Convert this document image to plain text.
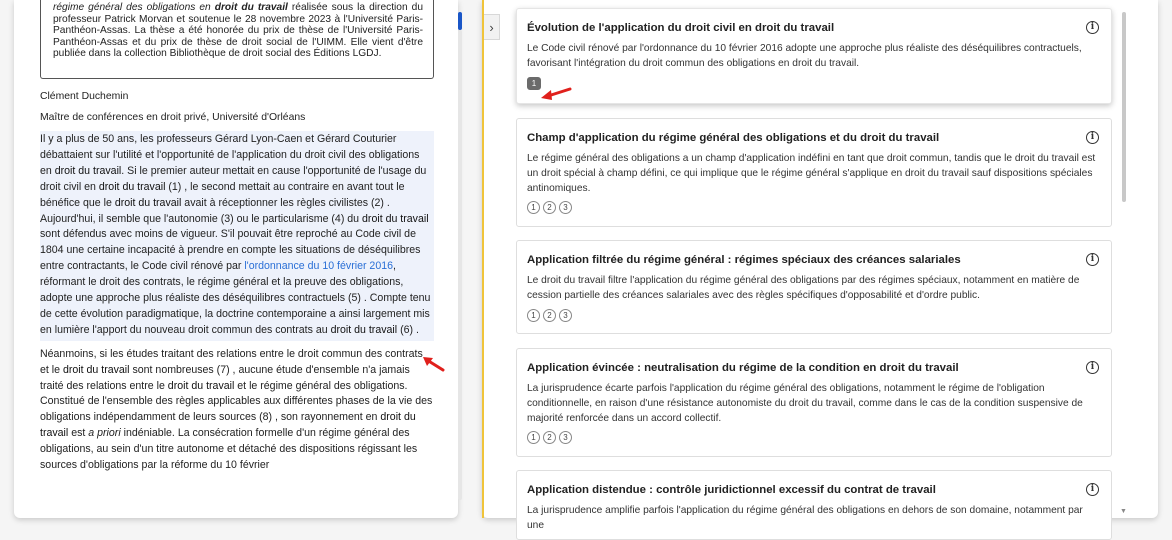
régime général des obligations en droit du travail réalisée sous la direction du professeur Patrick Morvan et soutenue le 28 novembre 2023 à l'Université Paris-Panthéon-Assas. La thèse a été honorée du prix de thèse de l'Université Paris-Panthéon-Assas et du prix de thèse de droit social de l'UIMM. Elle vient d'être publiée dans la collection Bibliothèque de droit social des Éditions LGDJ.
Clément Duchemin
Maître de conférences en droit privé, Université d'Orléans
Il y a plus de 50 ans, les professeurs Gérard Lyon-Caen et Gérard Couturier débattaient sur l'utilité et l'opportunité de l'application du droit civil des obligations en droit du travail. Si le premier auteur mettait en cause l'opportunité de l'usage du droit civil en droit du travail (1) , le second mettait au contraire en avant tout le bénéfice que le droit du travail avait à réceptionner les règles civilistes (2) . Aujourd'hui, il semble que l'autonomie (3) ou le particularisme (4) du droit du travail sont défendus avec moins de vigueur. S'il pouvait être reproché au Code civil de 1804 une certaine incapacité à prendre en compte les situations de déséquilibres entre contractants, le Code civil rénové par l'ordonnance du 10 février 2016, réformant le droit des contrats, le régime général et la preuve des obligations, adopte une approche plus réaliste des déséquilibres contractuels (5) . Compte tenu de cette évolution paradigmatique, la doctrine contemporaine a ainsi largement mis en lumière l'apport du nouveau droit commun des contrats au droit du travail (6) .
Néanmoins, si les études traitant des relations entre le droit commun des contrats et le droit du travail sont nombreuses (7) , aucune étude d'ensemble n'a jamais traité des relations entre le droit du travail et le régime général des obligations. Constitué de l'ensemble des règles applicables aux différentes phases de la vie des obligations indépendamment de leurs sources (8) , son rayonnement en droit du travail est a priori indéniable. La consécration formelle d'un régime général des obligations, au sein d'un titre autonome et détaché des dispositions régissant les sources d'obligations par la réforme du 10 février
›	Évolution de l'application du droit civil en droit du travail	i
Le Code civil rénové par l'ordonnance du 10 février 2016 adopte une approche plus réaliste des déséquilibres contractuels, favorisant l'intégration du droit commun des obligations en droit du travail.
1
Champ d'application du régime général des obligations et du droit du travail	i
Le régime général des obligations a un champ d'application indéfini en tant que droit commun, tandis que le droit du travail est un droit spécial à champ défini, ce qui implique que le régime général s'applique en droit du travail sauf dispositions spéciales antinomiques.
1	2	3
Application filtrée du régime général : régimes spéciaux des créances salariales	i
Le droit du travail filtre l'application du régime général des obligations par des régimes spéciaux, notamment en matière de cession partielle des créances salariales avec des règles spécifiques d'opposabilité et d'ordre public.
1	2	3
Application évincée : neutralisation du régime de la condition en droit du travail	i
La jurisprudence écarte parfois l'application du régime général des obligations, notamment le régime de l'obligation conditionnelle, en raison d'une résistance autonomiste du droit du travail, comme dans le cas de la condition suspensive de majorité renforcée dans un accord collectif.
1	2	3
Application distendue : contrôle juridictionnel excessif du contrat de travail	i
La jurisprudence amplifie parfois l'application du régime général des obligations en dehors de son domaine, notamment par une
▼
